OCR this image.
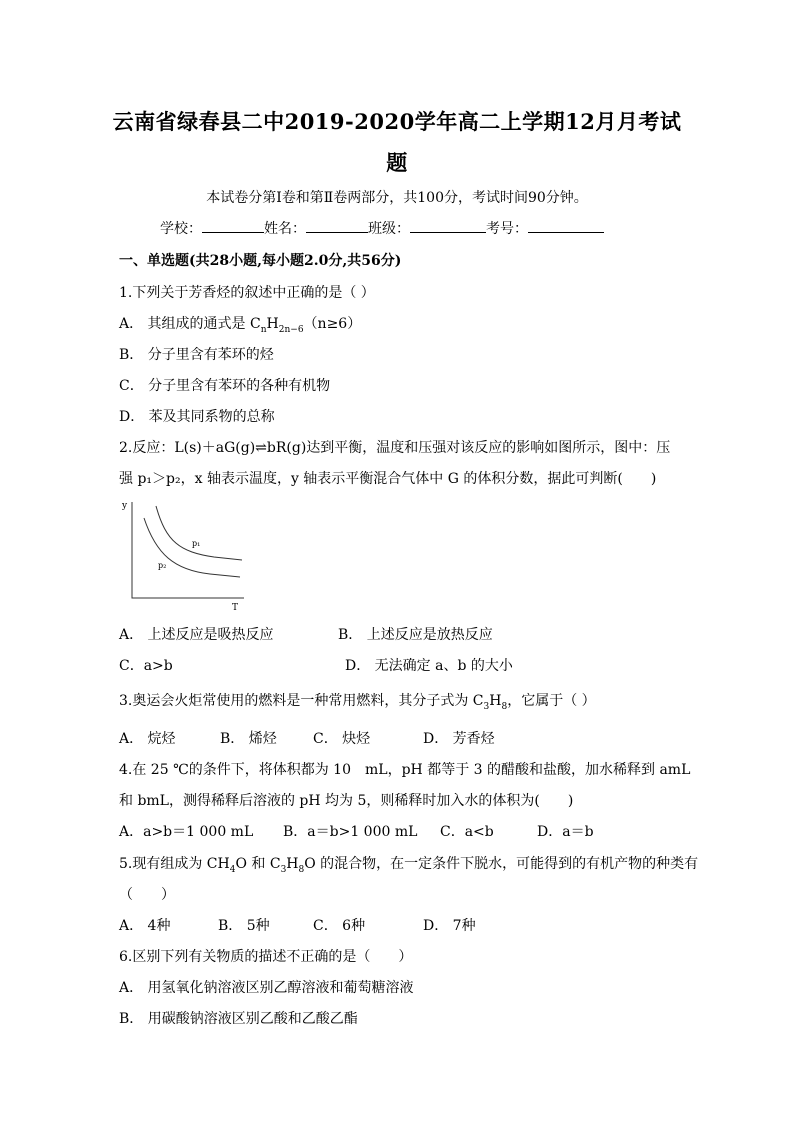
云南省绿春县二中2019-2020学年高二上学期12月月考试
题
本试卷分第Ⅰ卷和第Ⅱ卷两部分，共100分，考试时间90分钟。
学校：	姓名：	班级：	考号：
一、单选题(共28小题,每小题2.0分,共56分)
1.下列关于芳香烃的叙述中正确的是（ ）
A． 其组成的通式是 $C_nH_{2n-6}(n\ge 6)$
B． 分子里含有苯环的烃
C． 分子里含有苯环的各种有机物
D． 苯及其同系物的总称
2.反应：L(s)＋aG(g)⇌bR(g)达到平衡，温度和压强对该反应的影响如图所示，图中：压
强 p₁＞p₂，x 轴表示温度，y 轴表示平衡混合气体中 G 的体积分数，据此可判断(　　)
y
T
p₁
p₂
A． 上述反应是吸热反应	B． 上述反应是放热反应
C．a>b	D． 无法确定 a、b 的大小
3.奥运会火炬常使用的燃料是一种常用燃料，其分子式为 $C_3H_8$，它属于（ ）
A． 烷烃	B． 烯烃	C． 炔烃	D． 芳香烃
4.在 25 ℃的条件下，将体积都为 10　mL，pH 都等于 3 的醋酸和盐酸，加水稀释到 amL
和 bmL，测得稀释后溶液的 pH 均为 5，则稀释时加入水的体积为(　　)
A．a>b＝1 000 mL B．a＝b>1 000 mL C．a<b	D．a＝b
5.现有组成为 $CH_4O$ 和 $C_3H_8O$ 的混合物，在一定条件下脱水，可能得到的有机产物的种类有
（　　）
A． 4种	B． 5种	C． 6种	D． 7种
6.区别下列有关物质的描述不正确的是（　　）
A． 用氢氧化钠溶液区别乙醇溶液和葡萄糖溶液
B． 用碳酸钠溶液区别乙酸和乙酸乙酯
